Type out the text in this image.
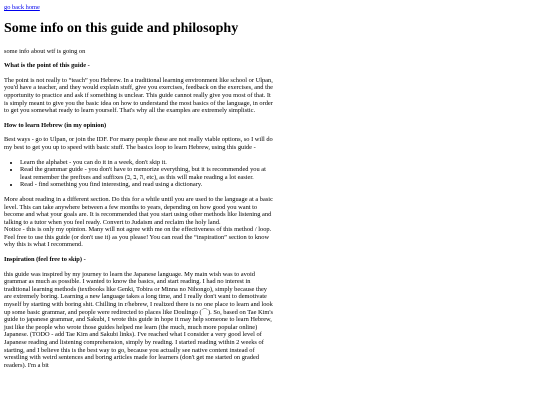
go back home
Some info on this guide and philosophy

some info about wtf is going on

What is the point of this guide -

The point is not really to “teach” you Hebrew. In a traditional learning environment like school or Ulpan, you'd have a teacher, and they would explain stuff, give you exercises, feedback on the exercises, and the opportunity to practice and ask if something is unclear. This guide cannot really give you most of that. It is simply meant to give you the basic idea on how to understand the most basics of the language, in order to get you somewhat ready to learn yourself. That's why all the examples are extremely simplistic.

How to learn Hebrew (in my opinion)

Best ways - go to Ulpan, or join the IDF. For many people these are not really viable options, so I will do my best to get you up to speed with basic stuff. The basics loop to learn Hebrew, using this guide -

• Learn the alphabet - you can do it in a week, don't skip it.
• Read the grammar guide - you don't have to memorize everything, but it is recommended you at least remember the prefixes and suffixes (ה ,ב ,כ, etc), as this will make reading a lot easier.
• Read - find something you find interesting, and read using a dictionary.

More about reading in a different section. Do this for a while until you are used to the language at a basic level. This can take anywhere between a few months to years, depending on how good you want to become and what your goals are. It is recommended that you start using other methods like listening and talking to a tutor when you feel ready. Convert to Judaism and reclaim the holy land.

Notice - this is only my opinion. Many will not agree with me on the effectiveness of this method / loop. Feel free to use this guide (or don't use it) as you please! You can read the “inspiration” section to know why this is what I recommend.

Inspiration (feel free to skip) -

this guide was inspired by my journey to learn the Japanese language. My main wish was to avoid grammar as much as possible. I wanted to know the basics, and start reading. I had no interest in traditional learning methods (textbooks like Genki, Tobira or Minna no Nihongo), simply because they are extremely boring. Learning a new language takes a long time, and I really don't want to demotivate myself by starting with boring shit. Chilling in r/hebrew, I realized there is no one place to learn and look up some basic grammar, and people were redirected to places like Doulingo (⌒). So, based on Tae Kim's guide to japanese grammar, and Sakubi, I wrote this guide in hope it may help someone to learn Hebrew, just like the people who wrote those guides helped me learn (the much, much more popular online) Japanese. (TODO - add Tae Kim and Sakubi links). I've reached what I consider a very good level of Japanese reading and listening comprehension, simply by reading. I started reading within 2 weeks of starting, and I believe this is the best way to go, because you actually see native content instead of wrestling with weird sentences and boring articles made for learners (don't get me started on graded readers). I'm a bit
